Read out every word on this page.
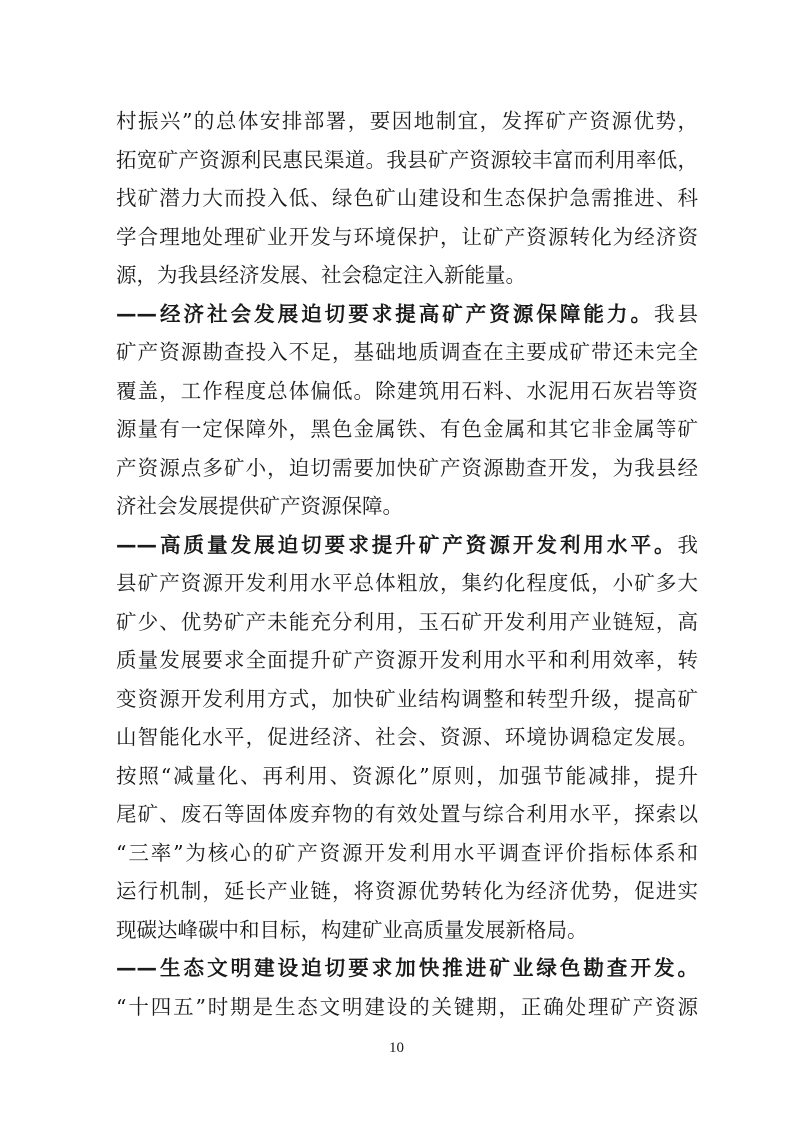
村振兴”的总体安排部署，要因地制宜，发挥矿产资源优势，
拓宽矿产资源利民惠民渠道。我县矿产资源较丰富而利用率低，
找矿潜力大而投入低、绿色矿山建设和生态保护急需推进、科
学合理地处理矿业开发与环境保护，让矿产资源转化为经济资
源，为我县经济发展、社会稳定注入新能量。
——经济社会发展迫切要求提高矿产资源保障能力。我县
矿产资源勘查投入不足，基础地质调查在主要成矿带还未完全
覆盖，工作程度总体偏低。除建筑用石料、水泥用石灰岩等资
源量有一定保障外，黑色金属铁、有色金属和其它非金属等矿
产资源点多矿小，迫切需要加快矿产资源勘查开发，为我县经
济社会发展提供矿产资源保障。
——高质量发展迫切要求提升矿产资源开发利用水平。我
县矿产资源开发利用水平总体粗放，集约化程度低，小矿多大
矿少、优势矿产未能充分利用，玉石矿开发利用产业链短，高
质量发展要求全面提升矿产资源开发利用水平和利用效率，转
变资源开发利用方式，加快矿业结构调整和转型升级，提高矿
山智能化水平，促进经济、社会、资源、环境协调稳定发展。
按照“减量化、再利用、资源化”原则，加强节能减排，提升
尾矿、废石等固体废弃物的有效处置与综合利用水平，探索以
“三率”为核心的矿产资源开发利用水平调查评价指标体系和
运行机制，延长产业链，将资源优势转化为经济优势，促进实
现碳达峰碳中和目标，构建矿业高质量发展新格局。
——生态文明建设迫切要求加快推进矿业绿色勘查开发。
“十四五”时期是生态文明建设的关键期，正确处理矿产资源
10
